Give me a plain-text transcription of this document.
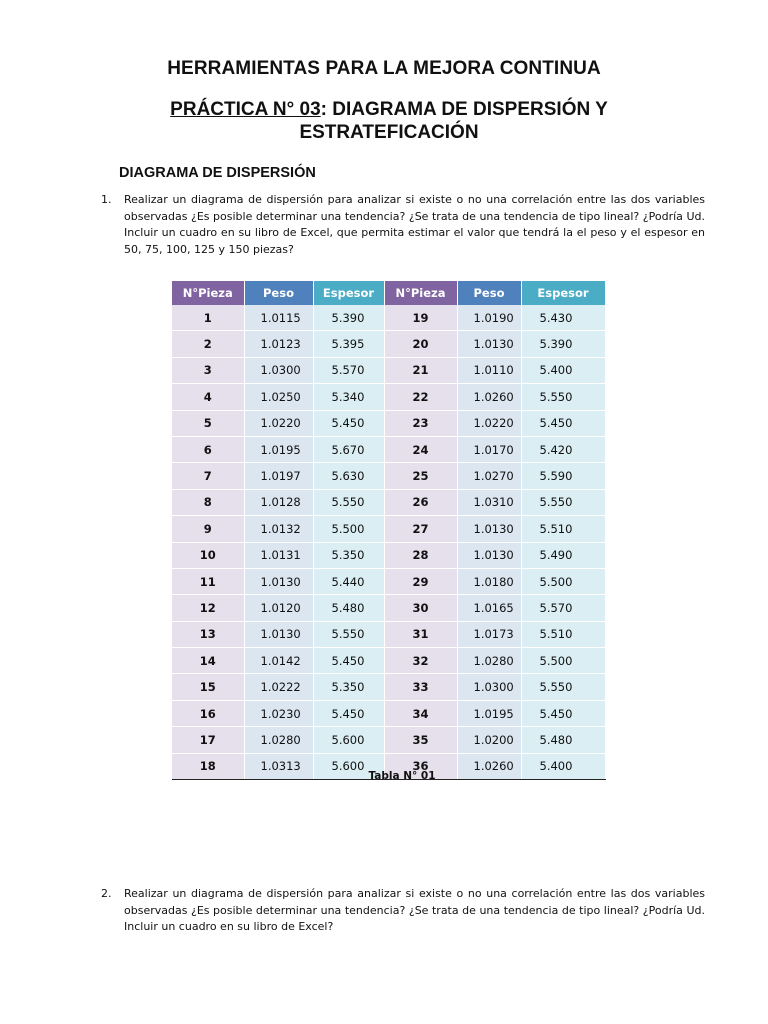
HERRAMIENTAS PARA LA MEJORA CONTINUA
PRÁCTICA N° 03: DIAGRAMA DE DISPERSIÓN Y
ESTRATEFICACIÓN
DIAGRAMA DE DISPERSIÓN
1. Realizar un diagrama de dispersión para analizar si existe o no una correlación entre las dos variables observadas ¿Es posible determinar una tendencia? ¿Se trata de una tendencia de tipo lineal? ¿Podría Ud. Incluir un cuadro en su libro de Excel, que permita estimar el valor que tendrá la el peso y el espesor en 50, 75, 100, 125 y 150 piezas?
N°Pieza	Peso	Espesor	N°Pieza	Peso	Espesor
1	1.0115	5.390	19	1.0190	5.430
2	1.0123	5.395	20	1.0130	5.390
3	1.0300	5.570	21	1.0110	5.400
4	1.0250	5.340	22	1.0260	5.550
5	1.0220	5.450	23	1.0220	5.450
6	1.0195	5.670	24	1.0170	5.420
7	1.0197	5.630	25	1.0270	5.590
8	1.0128	5.550	26	1.0310	5.550
9	1.0132	5.500	27	1.0130	5.510
10	1.0131	5.350	28	1.0130	5.490
11	1.0130	5.440	29	1.0180	5.500
12	1.0120	5.480	30	1.0165	5.570
13	1.0130	5.550	31	1.0173	5.510
14	1.0142	5.450	32	1.0280	5.500
15	1.0222	5.350	33	1.0300	5.550
16	1.0230	5.450	34	1.0195	5.450
17	1.0280	5.600	35	1.0200	5.480
18	1.0313	5.600	36	1.0260	5.400
Tabla N° 01
2. Realizar un diagrama de dispersión para analizar si existe o no una correlación entre las dos variables observadas ¿Es posible determinar una tendencia? ¿Se trata de una tendencia de tipo lineal? ¿Podría Ud. Incluir un cuadro en su libro de Excel?
